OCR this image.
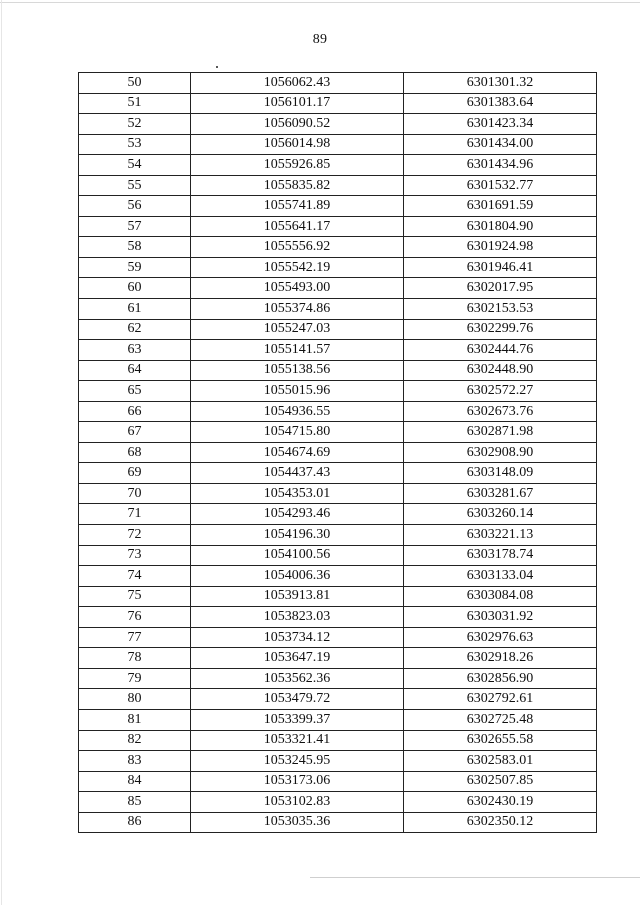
89
50	1056062.43	6301301.32
51	1056101.17	6301383.64
52	1056090.52	6301423.34
53	1056014.98	6301434.00
54	1055926.85	6301434.96
55	1055835.82	6301532.77
56	1055741.89	6301691.59
57	1055641.17	6301804.90
58	1055556.92	6301924.98
59	1055542.19	6301946.41
60	1055493.00	6302017.95
61	1055374.86	6302153.53
62	1055247.03	6302299.76
63	1055141.57	6302444.76
64	1055138.56	6302448.90
65	1055015.96	6302572.27
66	1054936.55	6302673.76
67	1054715.80	6302871.98
68	1054674.69	6302908.90
69	1054437.43	6303148.09
70	1054353.01	6303281.67
71	1054293.46	6303260.14
72	1054196.30	6303221.13
73	1054100.56	6303178.74
74	1054006.36	6303133.04
75	1053913.81	6303084.08
76	1053823.03	6303031.92
77	1053734.12	6302976.63
78	1053647.19	6302918.26
79	1053562.36	6302856.90
80	1053479.72	6302792.61
81	1053399.37	6302725.48
82	1053321.41	6302655.58
83	1053245.95	6302583.01
84	1053173.06	6302507.85
85	1053102.83	6302430.19
86	1053035.36	6302350.12
